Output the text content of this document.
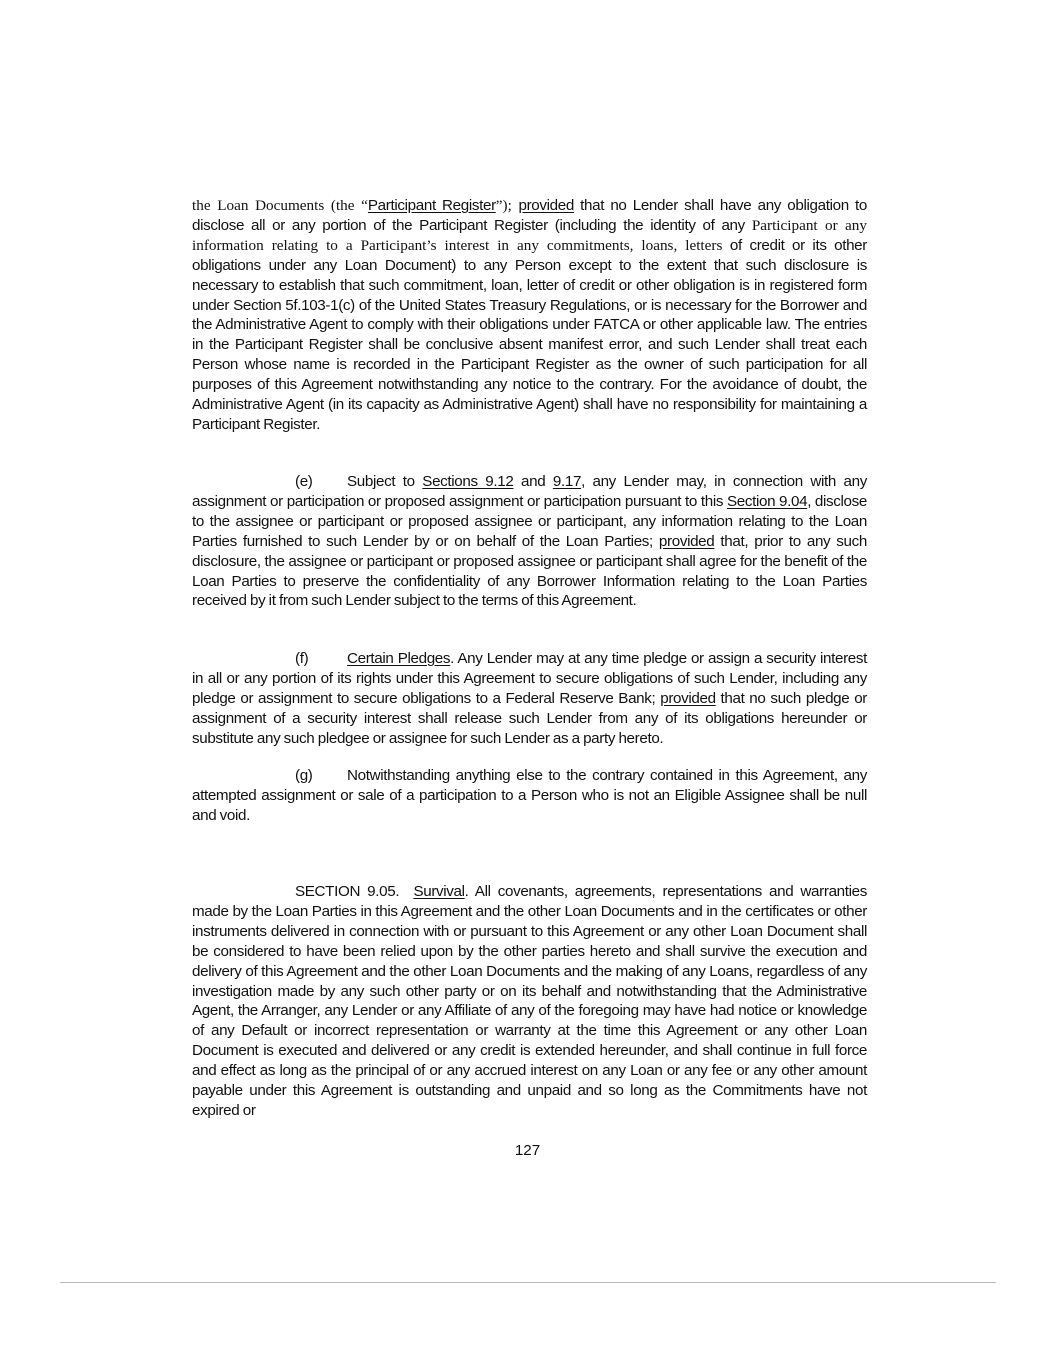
the Loan Documents (the “Participant Register”); provided that no Lender shall have any obligation to disclose all or any portion of the Participant Register (including the identity of any Participant or any information relating to a Participant’s interest in any commitments, loans, letters of credit or its other obligations under any Loan Document) to any Person except to the extent that such disclosure is necessary to establish that such commitment, loan, letter of credit or other obligation is in registered form under Section 5f.103-1(c) of the United States Treasury Regulations, or is necessary for the Borrower and the Administrative Agent to comply with their obligations under FATCA or other applicable law. The entries in the Participant Register shall be conclusive absent manifest error, and such Lender shall treat each Person whose name is recorded in the Participant Register as the owner of such participation for all purposes of this Agreement notwithstanding any notice to the contrary. For the avoidance of doubt, the Administrative Agent (in its capacity as Administrative Agent) shall have no responsibility for maintaining a Participant Register.

(e) Subject to Sections 9.12 and 9.17, any Lender may, in connection with any assignment or participation or proposed assignment or participation pursuant to this Section 9.04, disclose to the assignee or participant or proposed assignee or participant, any information relating to the Loan Parties furnished to such Lender by or on behalf of the Loan Parties; provided that, prior to any such disclosure, the assignee or participant or proposed assignee or participant shall agree for the benefit of the Loan Parties to preserve the confidentiality of any Borrower Information relating to the Loan Parties received by it from such Lender subject to the terms of this Agreement.

(f)	Certain Pledges. Any Lender may at any time pledge or assign a security interest in all or any portion of its rights under this Agreement to secure obligations of such Lender, including any pledge or assignment to secure obligations to a Federal Reserve Bank; provided that no such pledge or assignment of a security interest shall release such Lender from any of its obligations hereunder or substitute any such pledgee or assignee for such Lender as a party hereto.

(g) Notwithstanding anything else to the contrary contained in this Agreement, any attempted assignment or sale of a participation to a Person who is not an Eligible Assignee shall be null and void.

SECTION 9.05. Survival. All covenants, agreements, representations and warranties made by the Loan Parties in this Agreement and the other Loan Documents and in the certificates or other instruments delivered in connection with or pursuant to this Agreement or any other Loan Document shall be considered to have been relied upon by the other parties hereto and shall survive the execution and delivery of this Agreement and the other Loan Documents and the making of any Loans, regardless of any investigation made by any such other party or on its behalf and notwithstanding that the Administrative Agent, the Arranger, any Lender or any Affiliate of any of the foregoing may have had notice or knowledge of any Default or incorrect representation or warranty at the time this Agreement or any other Loan Document is executed and delivered or any credit is extended hereunder, and shall continue in full force and effect as long as the principal of or any accrued interest on any Loan or any fee or any other amount payable under this Agreement is outstanding and unpaid and so long as the Commitments have not expired or

127
